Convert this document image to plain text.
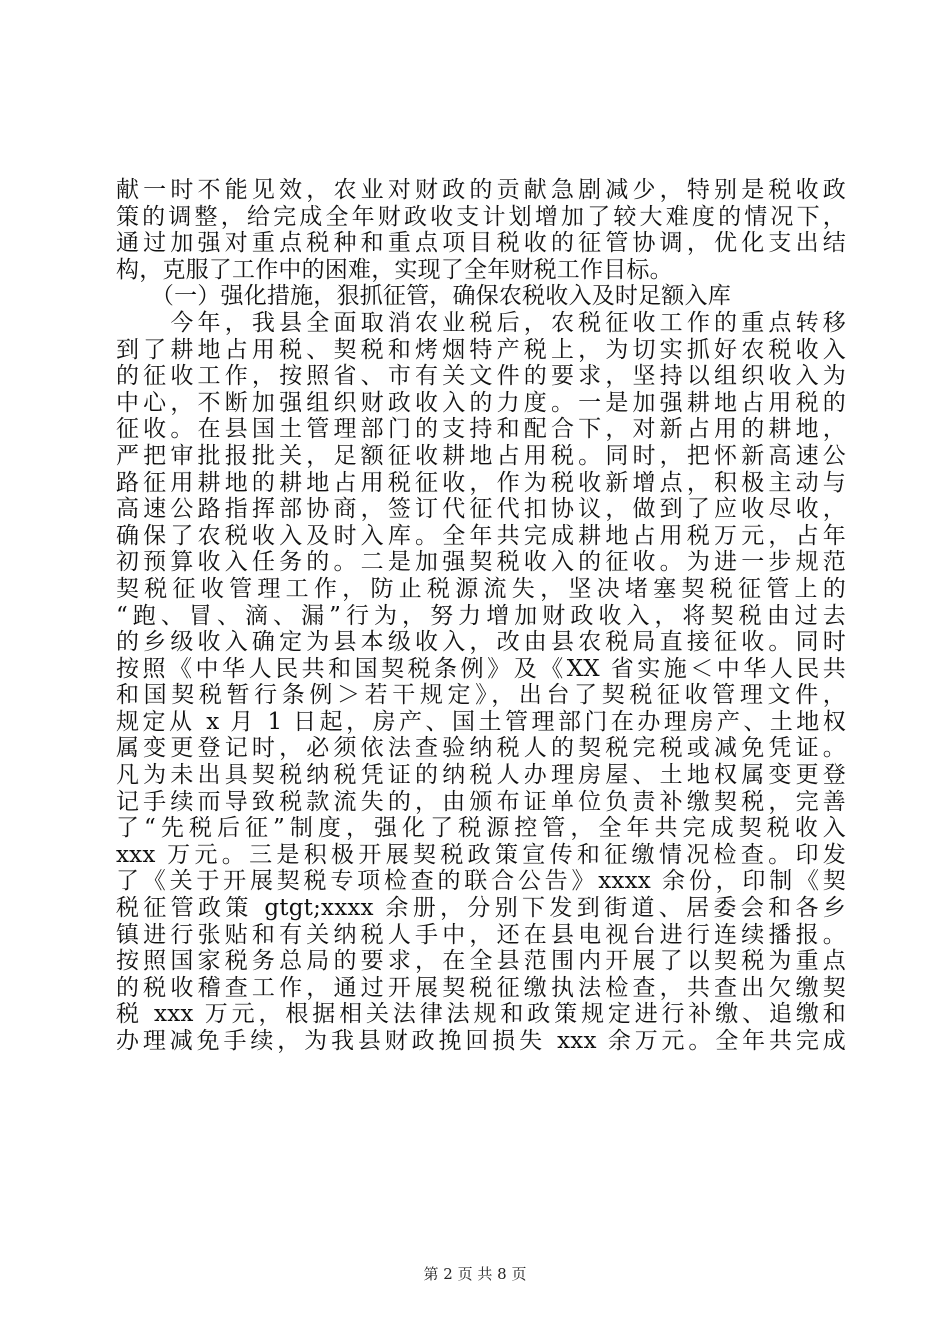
献一时不能见效，农业对财政的贡献急剧减少，特别是税收政
策的调整，给完成全年财政收支计划增加了较大难度的情况下，
通过加强对重点税种和重点项目税收的征管协调，优化支出结
构，克服了工作中的困难，实现了全年财税工作目标。
　　（一）强化措施，狠抓征管，确保农税收入及时足额入库
　　今年，我县全面取消农业税后，农税征收工作的重点转移
到了耕地占用税、契税和烤烟特产税上，为切实抓好农税收入
的征收工作，按照省、市有关文件的要求，坚持以组织收入为
中心，不断加强组织财政收入的力度。一是加强耕地占用税的
征收。在县国土管理部门的支持和配合下，对新占用的耕地，
严把审批报批关，足额征收耕地占用税。同时，把怀新高速公
路征用耕地的耕地占用税征收，作为税收新增点，积极主动与
高速公路指挥部协商，签订代征代扣协议，做到了应收尽收，
确保了农税收入及时入库。全年共完成耕地占用税万元，占年
初预算收入任务的。二是加强契税收入的征收。为进一步规范
契税征收管理工作，防止税源流失，坚决堵塞契税征管上的
“跑、冒、滴、漏”行为，努力增加财政收入，将契税由过去
的乡级收入确定为县本级收入，改由县农税局直接征收。同时
按照《中华人民共和国契税条例》及《XX 省实施＜中华人民共
和国契税暂行条例＞若干规定》，出台了契税征收管理文件，
规定从 x 月 1 日起，房产、国土管理部门在办理房产、土地权
属变更登记时，必须依法查验纳税人的契税完税或减免凭证。
凡为未出具契税纳税凭证的纳税人办理房屋、土地权属变更登
记手续而导致税款流失的，由颁布证单位负责补缴契税，完善
了“先税后征”制度，强化了税源控管，全年共完成契税收入
xxx 万元。三是积极开展契税政策宣传和征缴情况检查。印发
了《关于开展契税专项检查的联合公告》xxxx 余份，印制《契
税征管政策 gtgt;xxxx 余册，分别下发到街道、居委会和各乡
镇进行张贴和有关纳税人手中，还在县电视台进行连续播报。
按照国家税务总局的要求，在全县范围内开展了以契税为重点
的税收稽查工作，通过开展契税征缴执法检查，共查出欠缴契
税 xxx 万元，根据相关法律法规和政策规定进行补缴、追缴和
办理减免手续，为我县财政挽回损失 xxx 余万元。全年共完成
第 2 页 共 8 页
